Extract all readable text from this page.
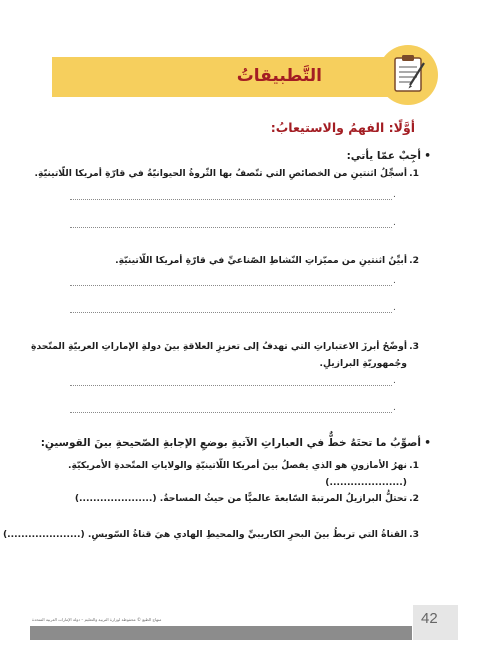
التَّطبيقاتُ
أوَّلًا: الفهمُ والاستيعابُ:
•
أجِبْ عمّا يأتي:
1.
أسجِّلُ اثنتينِ من الخصائصِ التي تتّصفُ بها الثّروةُ الحيوانيّةُ في قارّةِ أمريكا اللّاتينيّةِ.
.
.
2.
أبيِّنُ اثنتينِ من مميّزاتِ النّشاطِ الصّناعيِّ في قارّةِ أمريكا اللّاتينيّةِ.
.
.
3.
أوضّحُ أبرزَ الاعتباراتِ التي تهدفُ إلى تعزيزِ العلاقةِ بينَ دولةِ الإماراتِ العربيّةِ المتّحدةِ
وجُمهوريّةِ البرازيلِ.
.
.
•
أصوِّبُ ما تحتَهُ خطٌّ في العباراتِ الآتيةِ بوضعِ الإجابةِ الصّحيحةِ بينَ القوسينِ:
1.
نهرُ الأمازونِ هو الذي يفصلُ بينَ أمريكا اللّاتينيّةِ والولاياتِ المتّحدةِ الأمريكيّةِ. (.....................)
2.
تحتلُّ البرازيلُ المرتبةَ السّابعةَ عالميًّا من حيثُ المساحةُ. (.....................)
3.
القناةُ التي تربطُ بينَ البحرِ الكاريبيِّ والمحيطِ الهادي هيَ قناةُ السّويسِ. (.....................)
منهاج الطبع © محفوظة لوزارة التربية والتعليم – دولة الإمارات العربية المتحدة	42
